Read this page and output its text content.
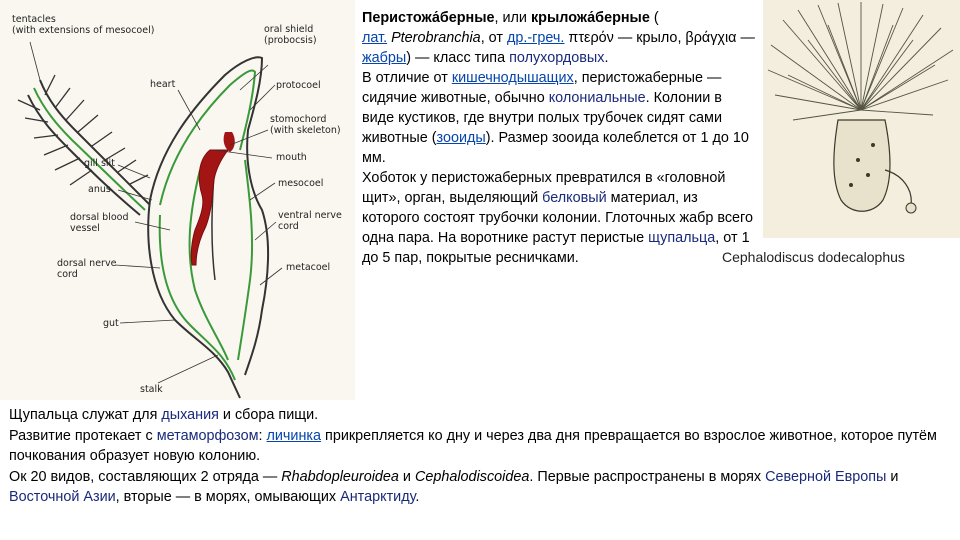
tentacles
(with extensions of mesocoel)	oral shield
(probocsis)
heart	protocoel
stomochord
(with skeleton)
gill slit
mouth
anus
mesocoel
dorsal blood
vessel
ventral nerve
cord
dorsal nerve
cord
metacoel
gut
stalk
Перистожа́берные, или крыложа́берные (
лат. Pterobranchia, от др.-греч. πτερόν — крыло, βράγχια — жабры) — класс типа полухордовых.
В отличие от кишечнодышащих, перистожаберные — сидячие животные, обычно колониальные. Колонии в виде кустиков, где внутри полых трубочек сидят сами животные (зооиды). Размер зооида колеблется от 1 до 10 мм.
Хоботок у перистожаберных превратился в «головной щит», орган, выделяющий белковый материал, из которого состоят трубочки колонии. Глоточных жабр всего одна пара. На воротнике растут перистые щупальца, от 1 до 5 пар, покрытые ресничками.	Cephalodiscus dodecalophus
Щупальца служат для дыхания и сбора пищи.
Развитие протекает с метаморфозом: личинка прикрепляется ко дну и через два дня превращается во взрослое животное, которое путём почкования образует новую колонию.
Ок 20 видов, составляющих 2 отряда — Rhabdopleuroidea и Cephalodiscoidea. Первые распространены в морях Северной Европы и Восточной Азии, вторые — в морях, омывающих Антарктиду.
